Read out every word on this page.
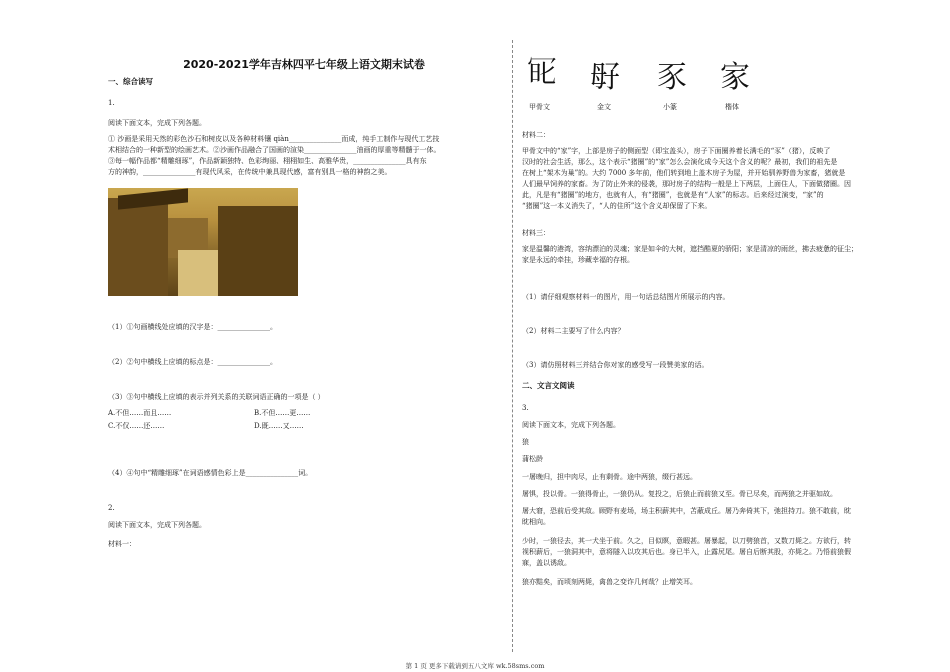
2020-2021学年吉林四平七年级上语文期末试卷
一、综合读写

1.

阅读下面文本，完成下列各题。

① 沙画是采用天然的彩色沙石和树皮以及各种材料镶 qiàn_______________而成，纯手工制作与现代工艺技

术相结合的一种新型的绘画艺术。②沙画作品融合了国画的渲染_______________油画的厚重等精髓于一体。

③每一幅作品都“精雕细琢”，作品新颖独特、色彩绚丽、栩栩如生、高雅华贵，_______________具有东

方的神韵，_______________有现代风采，在传统中兼具现代感，富有别具一格的神韵之美。

（1）①句画横线处应填的汉字是：_______________。

（2）②句中横线上应填的标点是：_______________。

（3）③句中横线上应填的表示并列关系的关联词语正确的一项是（ ）

A.不但……而且……	B.不但……更……
C.不仅……还……	D.既……又……

（4）④句中“精雕细琢”在词语感情色彩上是_______________词。

2.

阅读下面文本，完成下列各题。

材料一：

𠖆 㝀 豕 家
甲骨文	金文	小篆	楷体

材料二：

甲骨文中的“家”字，上部是房子的侧面型（即宝盖头），房子下面圈养着长满毛的“豕”（猪），反映了

汉时的社会生活，那么，这个表示“猪圈”的“家”怎么会演化成今天这个含义的呢？最初，我们的祖先是

在树上“架木为巢”的。大约 7000 多年前，他们转到地上盖木房子为屋，并开始驯养野兽为家畜，猪就是

人们最早饲养的家畜。为了防止外来的侵袭，那时房子的结构一般是上下两层，上面住人，下面做猪圈。因

此，凡是有“猪圈”的地方，也就有人，有“猪圈”，也就是有“人家”的标志。后来经过演变，“家”的

“猪圈”这一本义消失了，“人的住所”这个含义却保留了下来。

材料三：

家是温馨的港湾，容纳漂泊的灵魂；家是如伞的大树，遮挡酷夏的骄阳；家是清凉的雨丝，拂去疲惫的征尘；

家是永远的牵挂，珍藏幸福的存根。

（1）请仔细观察材料一的图片，用一句话总结图片所展示的内容。

（2）材料二主要写了什么内容？

（3）请仿照材料三并结合你对家的感受写一段赞美家的话。

二、文言文阅读

3.

阅读下面文本，完成下列各题。

狼

蒲松龄

一屠晚归，担中肉尽，止有剩骨。途中两狼，缀行甚远。

屠惧，投以骨。一狼得骨止，一狼仍从。复投之，后狼止而前狼又至。骨已尽矣，而两狼之并驱如故。

屠大窘，恐前后受其敌。顾野有麦场，场主积薪其中，苫蔽成丘。屠乃奔倚其下，弛担持刀。狼不敢前，眈

眈相向。

少时，一狼径去，其一犬坐于前。久之，目似瞑，意暇甚。屠暴起，以刀劈狼首，又数刀毙之。方欲行，转

视积薪后，一狼洞其中，意将隧入以攻其后也。身已半入，止露尻尾。屠自后断其股，亦毙之。乃悟前狼假

寐，盖以诱敌。

狼亦黠矣，而顷刻两毙，禽兽之变诈几何哉？止增笑耳。

第 1 页 更多下载请到五八文库 wk.58sms.com
